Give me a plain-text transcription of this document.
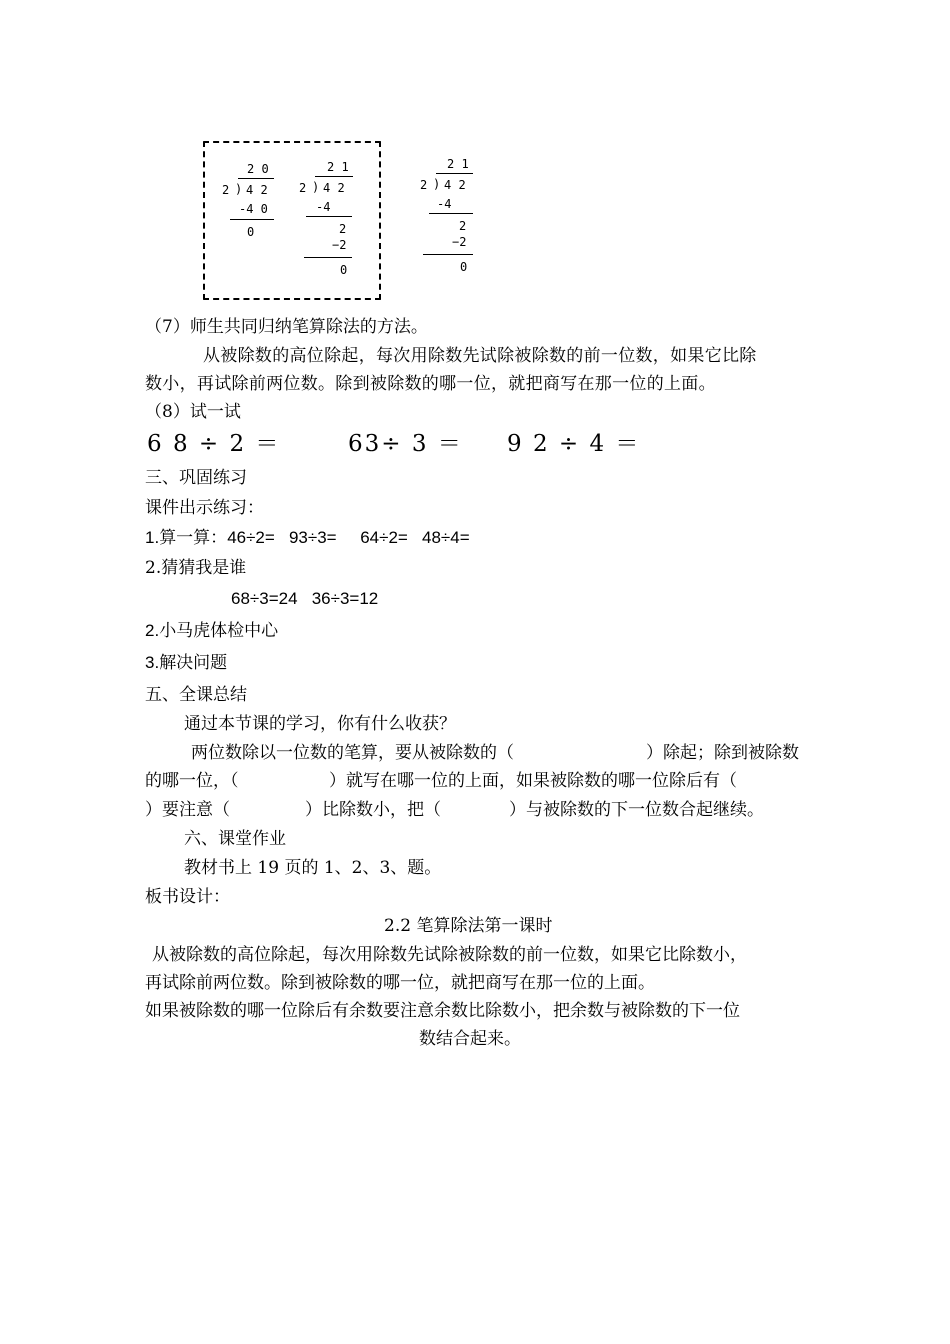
2 0
2 ) 4 2
-4 0
0
2 1
2 ) 4 2
-4
2
−2
0
2 1
2 ) 4 2
-4
2
−2
0
（7）师生共同归纳笔算除法的方法。
从被除数的高位除起，每次用除数先试除被除数的前一位数，如果它比除
数小，再试除前两位数。除到被除数的哪一位，就把商写在那一位的上面。
（8）试一试
6 8 ÷ 2 ＝	63÷ 3 ＝ 9 2 ÷ 4 ＝
三、巩固练习
课件出示练习：
1.算一算：46÷2=   93÷3=     64÷2=   48÷4=
2.猜猜我是谁
68÷3=24   36÷3=12
2.小马虎体检中心
3.解决问题
五、全课总结
通过本节课的学习，你有什么收获？
两位数除以一位数的笔算，要从被除数的（	）除起；除到被除数
的哪一位，（	）就写在哪一位的上面，如果被除数的哪一位除后有（
）要注意（	）比除数小，把（	）与被除数的下一位数合起继续。
六、课堂作业
教材书上 19 页的 1、2、3、题。
板书设计：
2.2 笔算除法第一课时
从被除数的高位除起，每次用除数先试除被除数的前一位数，如果它比除数小，
再试除前两位数。除到被除数的哪一位，就把商写在那一位的上面。
如果被除数的哪一位除后有余数要注意余数比除数小，把余数与被除数的下一位
数结合起来。
